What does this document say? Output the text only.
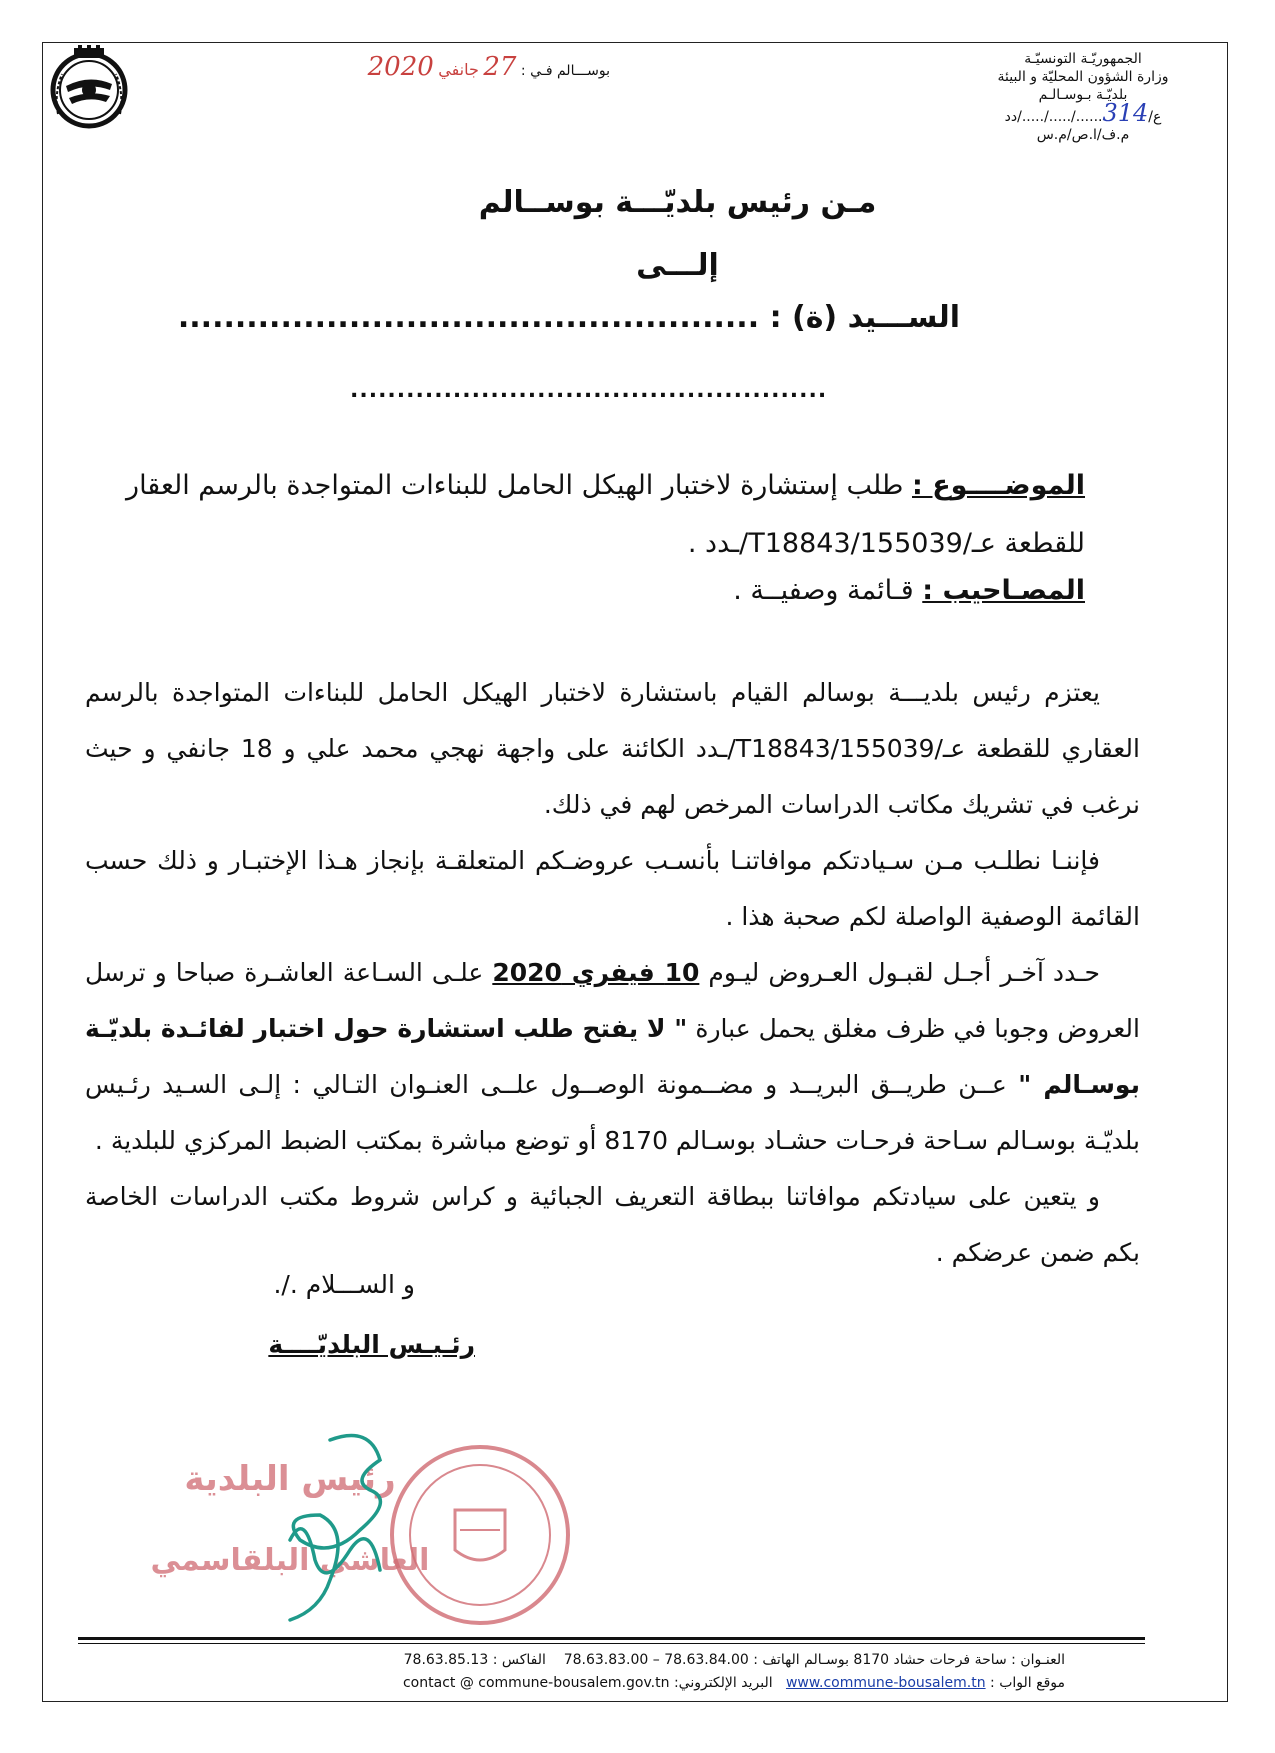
بوســـالم فـي : 27 جانفي 2020	الجمهوريّـة التونسيّـة
وزارة الشؤون المحليّة و البيئة
بلديّـة بـوسـالـم
ع/314....../...../...../دد
م.ف/ا.ص/م.س
مـن رئيس بلديّـــة بوســالم
إلـــى
الســـيد (ة) : ...................................................
...................................................
الموضــــوع : طلب إستشارة لاختبار الهيكل الحامل للبناءات المتواجدة بالرسم العقار للقطعة عـ/T18843/155039/ـدد .
المصـاحيب : قـائمة وصفيــة .

يعتزم رئيس بلديـــة بوسالم القيام باستشارة لاختبار الهيكل الحامل للبناءات المتواجدة بالرسم العقاري للقطعة عـ/T18843/155039/ـدد الكائنة على واجهة نهجي محمد علي و 18 جانفي و حيث نرغب في تشريك مكاتب الدراسات المرخص لهم في ذلك.

فإننـا نطلـب مـن سـيادتكم موافاتنـا بأنسـب عروضـكم المتعلقـة بإنجاز هـذا الإختبـار و ذلك حسب القائمة الوصفية الواصلة لكم صحبة هذا .

حـدد آخـر أجـل لقبـول العـروض ليـوم 10 فيفري 2020 علـى السـاعة العاشـرة صباحا و ترسل العروض وجوبا في ظرف مغلق يحمل عبارة " لا يفتح طلب استشارة حول اختبار لفائـدة بلديّـة بوسـالم " عــن طريــق البريــد و مضــمونة الوصــول علــى العنـوان التـالي : إلـى السـيد رئـيس بلديّـة بوسـالم سـاحة فرحـات حشـاد بوسـالم 8170 أو توضع مباشرة بمكتب الضبط المركزي للبلدية .

و يتعين على سيادتكم موافاتنا ببطاقة التعريف الجبائية و كراس شروط مكتب الدراسات الخاصة بكم ضمن عرضكم .

و الســـلام ./.
رئـيـس البلديّــــة
رئيس البلدية
العاشي البلقاسمي
العنـوان : ساحة فرحات حشاد 8170 بوسـالم الهاتف : 78.63.83.00 – 78.63.84.00    الفاكس : 78.63.85.13
موقع الواب : www.commune-bousalem.tn   البريد الإلكتروني: contact @ commune-bousalem.gov.tn
